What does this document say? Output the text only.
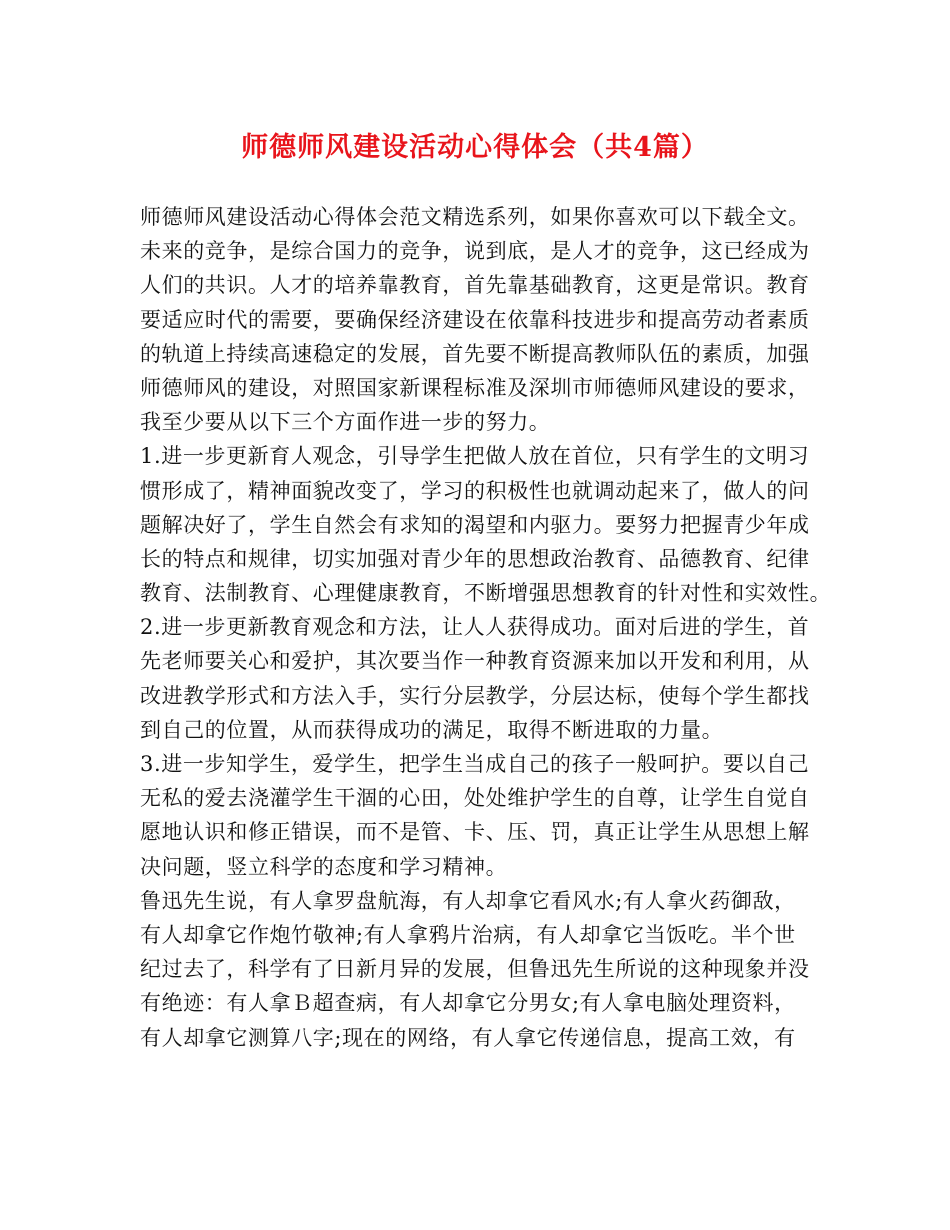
师德师风建设活动心得体会（共4篇）
师德师风建设活动心得体会范文精选系列，如果你喜欢可以下载全文。
未来的竞争，是综合国力的竞争，说到底，是人才的竞争，这已经成为
人们的共识。人才的培养靠教育，首先靠基础教育，这更是常识。教育
要适应时代的需要，要确保经济建设在依靠科技进步和提高劳动者素质
的轨道上持续高速稳定的发展，首先要不断提高教师队伍的素质，加强
师德师风的建设，对照国家新课程标准及深圳市师德师风建设的要求，
我至少要从以下三个方面作进一步的努力。
1.进一步更新育人观念，引导学生把做人放在首位，只有学生的文明习
惯形成了，精神面貌改变了，学习的积极性也就调动起来了，做人的问
题解决好了，学生自然会有求知的渴望和内驱力。要努力把握青少年成
长的特点和规律，切实加强对青少年的思想政治教育、品德教育、纪律
教育、法制教育、心理健康教育，不断增强思想教育的针对性和实效性。
2.进一步更新教育观念和方法，让人人获得成功。面对后进的学生，首
先老师要关心和爱护，其次要当作一种教育资源来加以开发和利用，从
改进教学形式和方法入手，实行分层教学，分层达标，使每个学生都找
到自己的位置，从而获得成功的满足，取得不断进取的力量。
3.进一步知学生，爱学生，把学生当成自己的孩子一般呵护。要以自己
无私的爱去浇灌学生干涸的心田，处处维护学生的自尊，让学生自觉自
愿地认识和修正错误，而不是管、卡、压、罚，真正让学生从思想上解
决问题，竖立科学的态度和学习精神。
鲁迅先生说，有人拿罗盘航海，有人却拿它看风水;有人拿火药御敌，
有人却拿它作炮竹敬神;有人拿鸦片治病，有人却拿它当饭吃。半个世
纪过去了，科学有了日新月异的发展，但鲁迅先生所说的这种现象并没
有绝迹：有人拿Ｂ超查病，有人却拿它分男女;有人拿电脑处理资料，
有人却拿它测算八字;现在的网络，有人拿它传递信息，提高工效，有
